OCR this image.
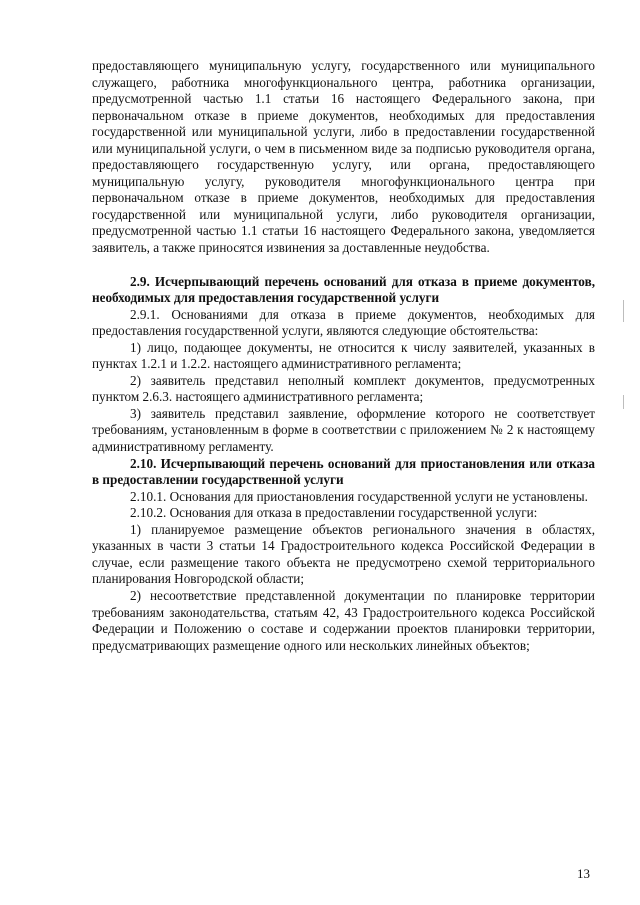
предоставляющего муниципальную услугу, государственного или муниципального служащего, работника многофункционального центра, работника организации, предусмотренной частью 1.1 статьи 16 настоящего Федерального закона, при первоначальном отказе в приеме документов, необходимых для предоставления государственной или муниципальной услуги, либо в предоставлении государственной или муниципальной услуги, о чем в письменном виде за подписью руководителя органа, предоставляющего государственную услугу, или органа, предоставляющего муниципальную услугу, руководителя многофункционального центра при первоначальном отказе в приеме документов, необходимых для предоставления государственной или муниципальной услуги, либо руководителя организации, предусмотренной частью 1.1 статьи 16 настоящего Федерального закона, уведомляется заявитель, а также приносятся извинения за доставленные неудобства.

2.9. Исчерпывающий перечень оснований для отказа в приеме документов, необходимых для предоставления государственной услуги

2.9.1. Основаниями для отказа в приеме документов, необходимых для предоставления государственной услуги, являются следующие обстоятельства:

1) лицо, подающее документы, не относится к числу заявителей, указанных в пунктах 1.2.1 и 1.2.2. настоящего административного регламента;

2) заявитель представил неполный комплект документов, предусмотренных пунктом 2.6.3. настоящего административного регламента;

3) заявитель представил заявление, оформление которого не соответствует требованиям, установленным в форме в соответствии с приложением № 2 к настоящему административному регламенту.

2.10. Исчерпывающий перечень оснований для приостановления или отказа в предоставлении государственной услуги

2.10.1. Основания для приостановления государственной услуги не установлены.

2.10.2. Основания для отказа в предоставлении государственной услуги:

1) планируемое размещение объектов регионального значения в областях, указанных в части 3 статьи 14 Градостроительного кодекса Российской Федерации в случае, если размещение такого объекта не предусмотрено схемой территориального планирования Новгородской области;

2) несоответствие представленной документации по планировке территории требованиям законодательства, статьям 42, 43 Градостроительного кодекса Российской Федерации и Положению о составе и содержании проектов планировки территории, предусматривающих размещение одного или нескольких линейных объектов;

13
